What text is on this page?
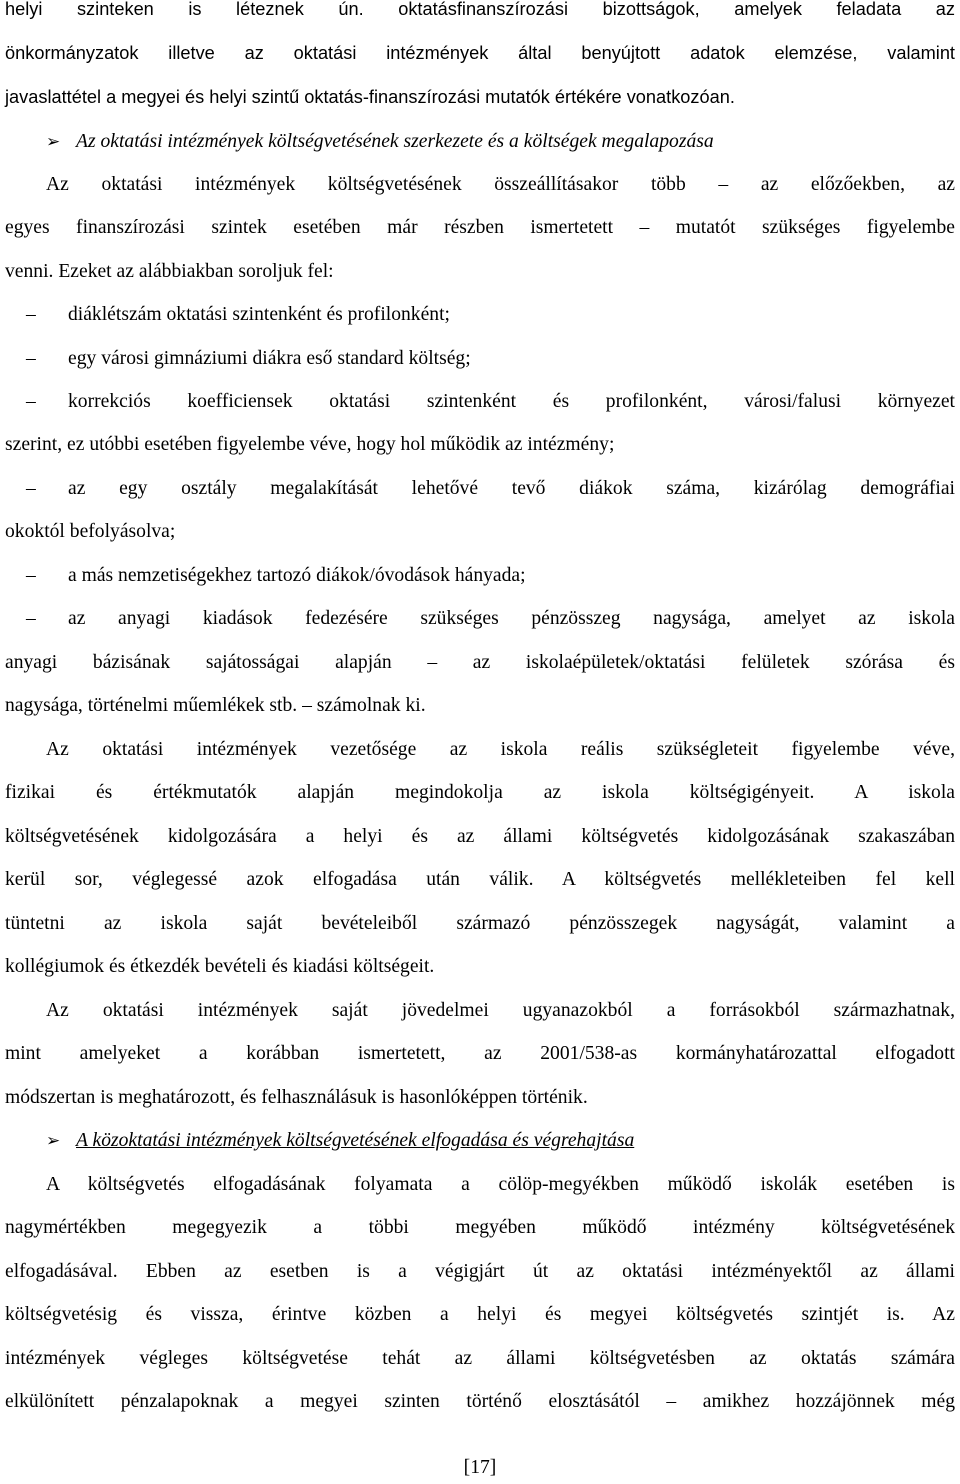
helyi szinteken is léteznek ún. oktatásfinanszírozási bizottságok, amelyek feladata az
önkormányzatok illetve az oktatási intézmények által benyújtott adatok elemzése, valamint
javaslattétel a megyei és helyi szintű oktatás-finanszírozási mutatók értékére vonatkozóan.
➢ Az oktatási intézmények költségvetésének szerkezete és a költségek megalapozása
Az oktatási intézmények költségvetésének összeállításakor több – az előzőekben, az
egyes finanszírozási szintek esetében már részben ismertetett – mutatót szükséges figyelembe
venni. Ezeket az alábbiakban soroljuk fel:
– diáklétszám oktatási szintenként és profilonként;
– egy városi gimnáziumi diákra eső standard költség;
– korrekciós koefficiensek oktatási szintenként és profilonként, városi/falusi környezet
szerint, ez utóbbi esetében figyelembe véve, hogy hol működik az intézmény;
– az egy osztály megalakítását lehetővé tevő diákok száma, kizárólag demográfiai
okoktól befolyásolva;
– a más nemzetiségekhez tartozó diákok/óvodások hányada;
– az anyagi kiadások fedezésére szükséges pénzösszeg nagysága, amelyet az iskola
anyagi bázisának sajátosságai alapján – az iskolaépületek/oktatási felületek szórása és
nagysága, történelmi műemlékek stb. – számolnak ki.
Az oktatási intézmények vezetősége az iskola reális szükségleteit figyelembe véve,
fizikai és értékmutatók alapján megindokolja az iskola költségigényeit. A iskola
költségvetésének kidolgozására a helyi és az állami költségvetés kidolgozásának szakaszában
kerül sor, véglegessé azok elfogadása után válik. A költségvetés mellékleteiben fel kell
tüntetni az iskola saját bevételeiből származó pénzösszegek nagyságát, valamint a
kollégiumok és étkezdék bevételi és kiadási költségeit.
Az oktatási intézmények saját jövedelmei ugyanazokból a forrásokból származhatnak,
mint amelyeket a korábban ismertetett, az 2001/538-as kormányhatározattal elfogadott
módszertan is meghatározott, és felhasználásuk is hasonlóképpen történik.
➢ A közoktatási intézmények költségvetésének elfogadása és végrehajtása
A költségvetés elfogadásának folyamata a cölöp-megyékben működő iskolák esetében is
nagymértékben megegyezik a többi megyében működő intézmény költségvetésének
elfogadásával. Ebben az esetben is a végigjárt út az oktatási intézményektől az állami
költségvetésig és vissza, érintve közben a helyi és megyei költségvetés szintjét is. Az
intézmények végleges költségvetése tehát az állami költségvetésben az oktatás számára
elkülönített pénzalapoknak a megyei szinten történő elosztásától – amikhez hozzájönnek még
[17]
